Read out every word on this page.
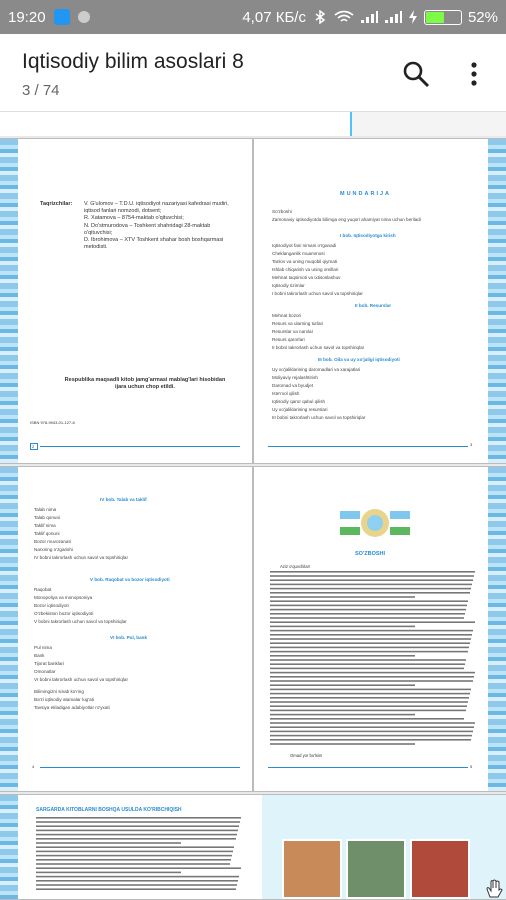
19:20	4,07 КБ/с	52%
Iqtisodiy bilim asoslari 8
3 / 74
Taqrizchilar: V. G'ulomov – T.D.U. iqtisodiyot nazariyasi kafedrasi mudiri, iqtisod fanlari nomzodi, dotsent;
R. Xatamova – 8754-maktab o'qituvchisi;
N. Do'stmurodova – Toshkent shahridagi 28-maktab o'qituvchisi;
D. Ibrohimova – XTV Toshkent shahar bosh boshqarmasi metodisti.
Respublika maqsadli kitob jamg'armasi mablag'lari hisobidan ijara uchun chop etildi.
ISBN 978-9943-01-127-8
2
MUNDARIJA
So'zboshi
Zamonaviy iqtisodiyotda bilimga eng yuqori ahamiyat nima uchun beriladi
I bob. Iqtisodiyotga kirish
Iqtisodiyot fani nimani o'rganadi
Cheklanganlik muammosi
Tanlov va uning muqobil qiymati
Ishlab chiqarish va uning omillari
Mehnat taqsimoti va ixtisoslashuv
Iqtisodiy tizimlar
I bobni takrorlash uchun savol va topshiriqlar
II bob. Resurslar
Mehnat bozori
Resurs va ularning turlari
Resurslar va narxlar
Resurs qarorlari
II bobni takrorlash uchun savol va topshiriqlar
III bob. Oila va uy xo'jaligi iqtisodiyoti
Uy xo'jaliklarining daromadlari va xarajatlari
Moliyaviy rejalashtirish
Daromad va byudjet
Iste'mol qilish
Iqtisodiy qaror qabul qilish
Uy xo'jaliklarining resurslari
III bobni takrorlash uchun savol va topshiriqlar
3
IV bob. Talab va taklif
Talab nima
Talab qonuni
Taklif nima
Taklif qonuni
Bozor muvozanati
Narxning o'zgarishi
IV bobni takrorlash uchun savol va topshiriqlar
V bob. Raqobat va bozor iqtisodiyoti
Raqobat
Monopoliya va monopsoniya
Bozor iqtisodiyoti
O'zbekiston bozor iqtisodiyoti
V bobni takrorlash uchun savol va topshiriqlar
VI bob. Pul, bank
Pul nima
Bank
Tijorat banklari
Omonatlar
VI bobni takrorlash uchun savol va topshiriqlar
Bilimingizni sinab ko'ring
Ba'zi iqtisodiy atamalar lug'ati
Tavsiya etiladigan adabiyotlar ro'yxati
4
SO'ZBOSHI
Aziz o'quvchilar!
Omad yor bo'lsin!
5
SARGARDA KITOBLARNI BOSHQA USULDA KO'RIBCHIQISH
